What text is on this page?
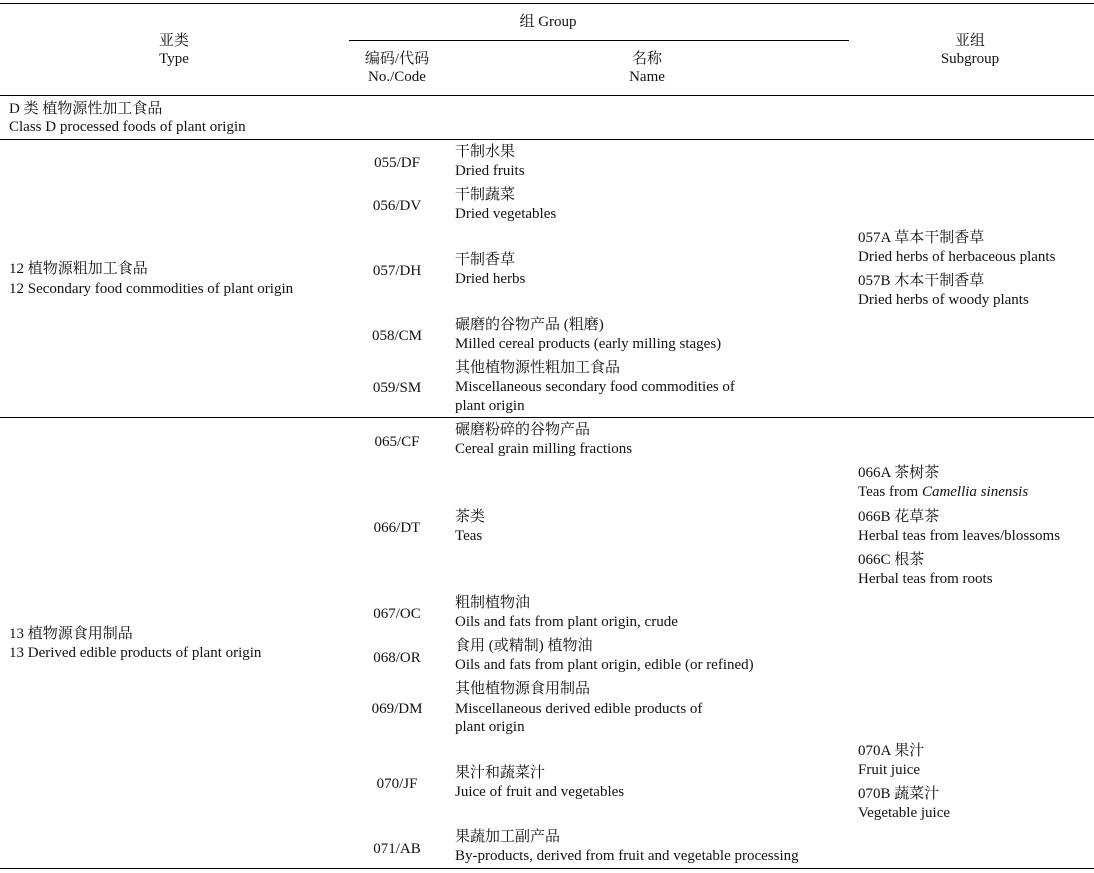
亚类
Type
组 Group
编码/代码
No./Code
名称
Name
亚组
Subgroup
D 类 植物源性加工食品
Class D processed foods of plant origin
12 植物源粗加工食品
12 Secondary food commodities of plant origin
055/DF
干制水果
Dried fruits
056/DV
干制蔬菜
Dried vegetables
057/DH
干制香草
Dried herbs
057A 草本干制香草
Dried herbs of herbaceous plants
057B 木本干制香草
Dried herbs of woody plants
058/CM
碾磨的谷物产品 (粗磨)
Milled cereal products (early milling stages)
059/SM
其他植物源性粗加工食品
Miscellaneous secondary food commodities of
plant origin
13 植物源食用制品
13 Derived edible products of plant origin
065/CF
碾磨粉碎的谷物产品
Cereal grain milling fractions
066/DT
茶类
Teas
066A 茶树茶
Teas from Camellia sinensis
066B 花草茶
Herbal teas from leaves/blossoms
066C 根茶
Herbal teas from roots
067/OC
粗制植物油
Oils and fats from plant origin, crude
068/OR
食用 (或精制) 植物油
Oils and fats from plant origin, edible (or refined)
069/DM
其他植物源食用制品
Miscellaneous derived edible products of
plant origin
070/JF
果汁和蔬菜汁
Juice of fruit and vegetables
070A 果汁
Fruit juice
070B 蔬菜汁
Vegetable juice
071/AB
果蔬加工副产品
By-products, derived from fruit and vegetable processing
